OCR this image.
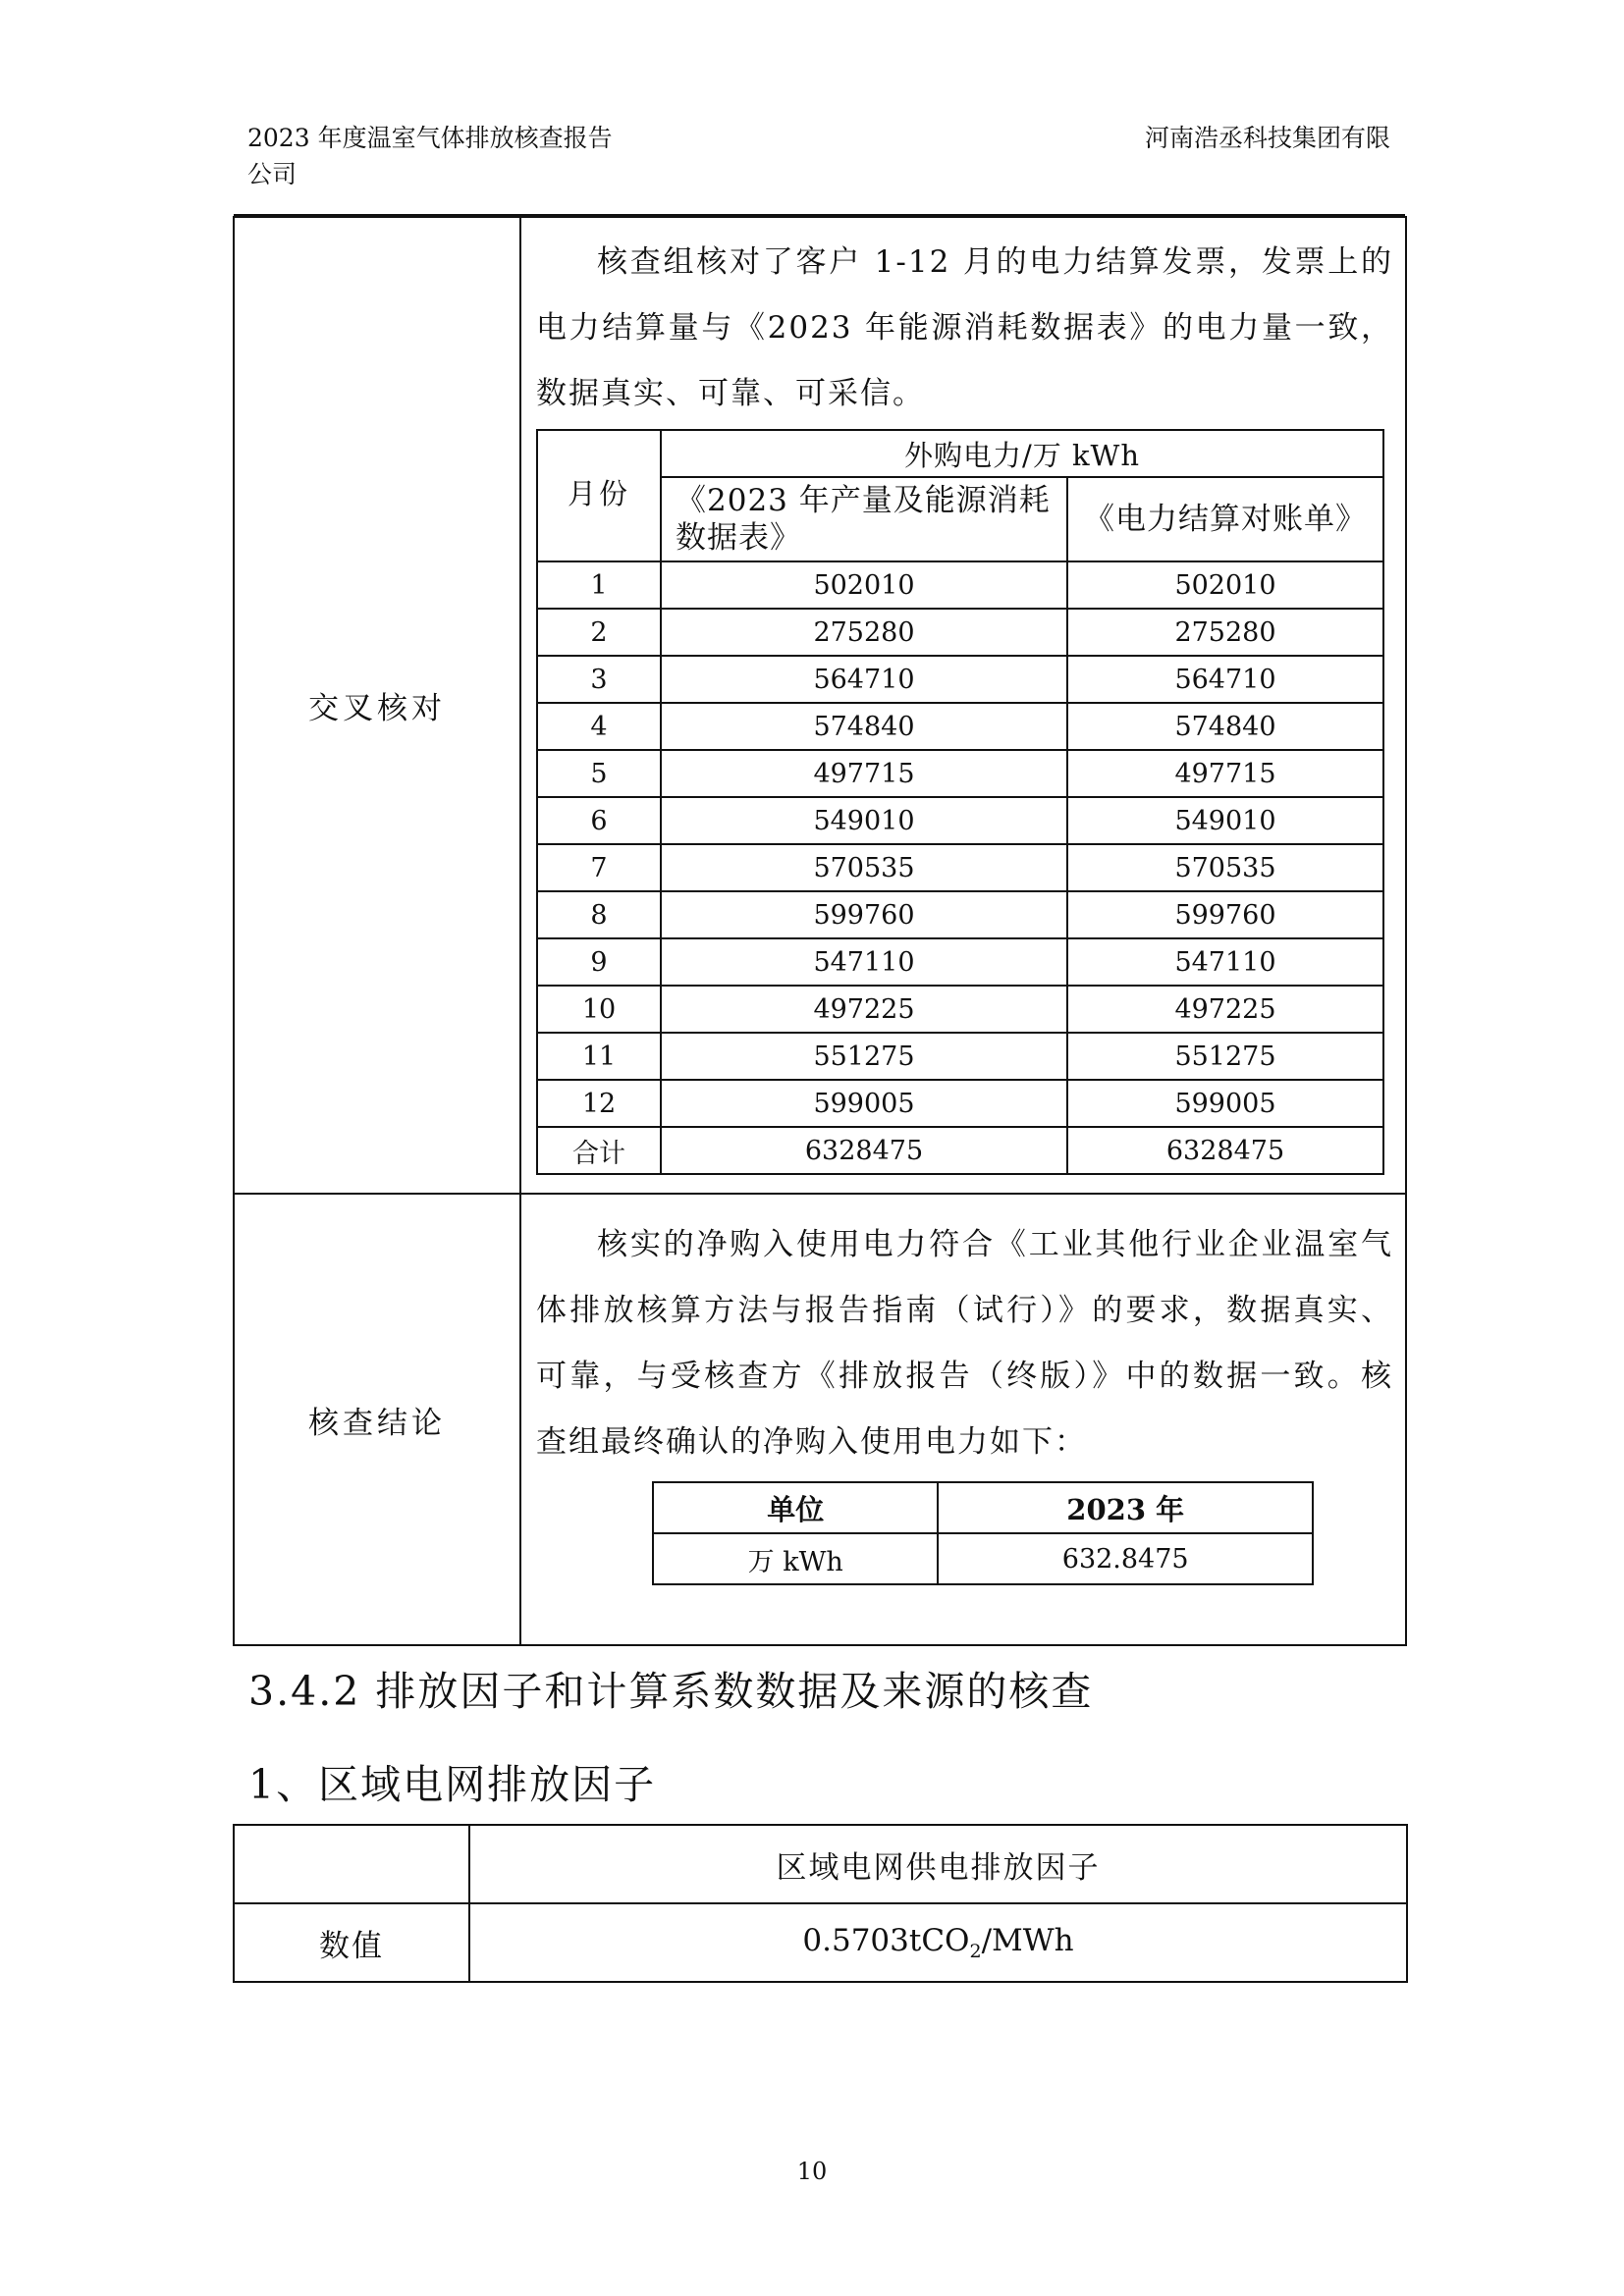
2023 年度温室气体排放核查报告
公司
河南浩丞科技集团有限
交叉核对	
核查组核对了客户 1-12 月的电力结算发票，发票上的电力结算量与《2023 年能源消耗数据表》的电力量一致，数据真实、可靠、可采信。
月份	外购电力/万 kWh
《2023 年产量及能源消耗数据表》	《电力结算对账单》
1	502010	502010
2	275280	275280
3	564710	564710
4	574840	574840
5	497715	497715
6	549010	549010
7	570535	570535
8	599760	599760
9	547110	547110
10	497225	497225
11	551275	551275
12	599005	599005
合计	6328475	6328475

核查结论	
核实的净购入使用电力符合《工业其他行业企业温室气体排放核算方法与报告指南（试行）》的要求，数据真实、可靠，与受核查方《排放报告（终版）》中的数据一致。核查组最终确认的净购入使用电力如下：
单位	2023 年
万 kWh	632.8475
3.4.2 排放因子和计算系数数据及来源的核查
1、区域电网排放因子
	区域电网供电排放因子
数值	0.5703tCO$_2$/MWh
10
